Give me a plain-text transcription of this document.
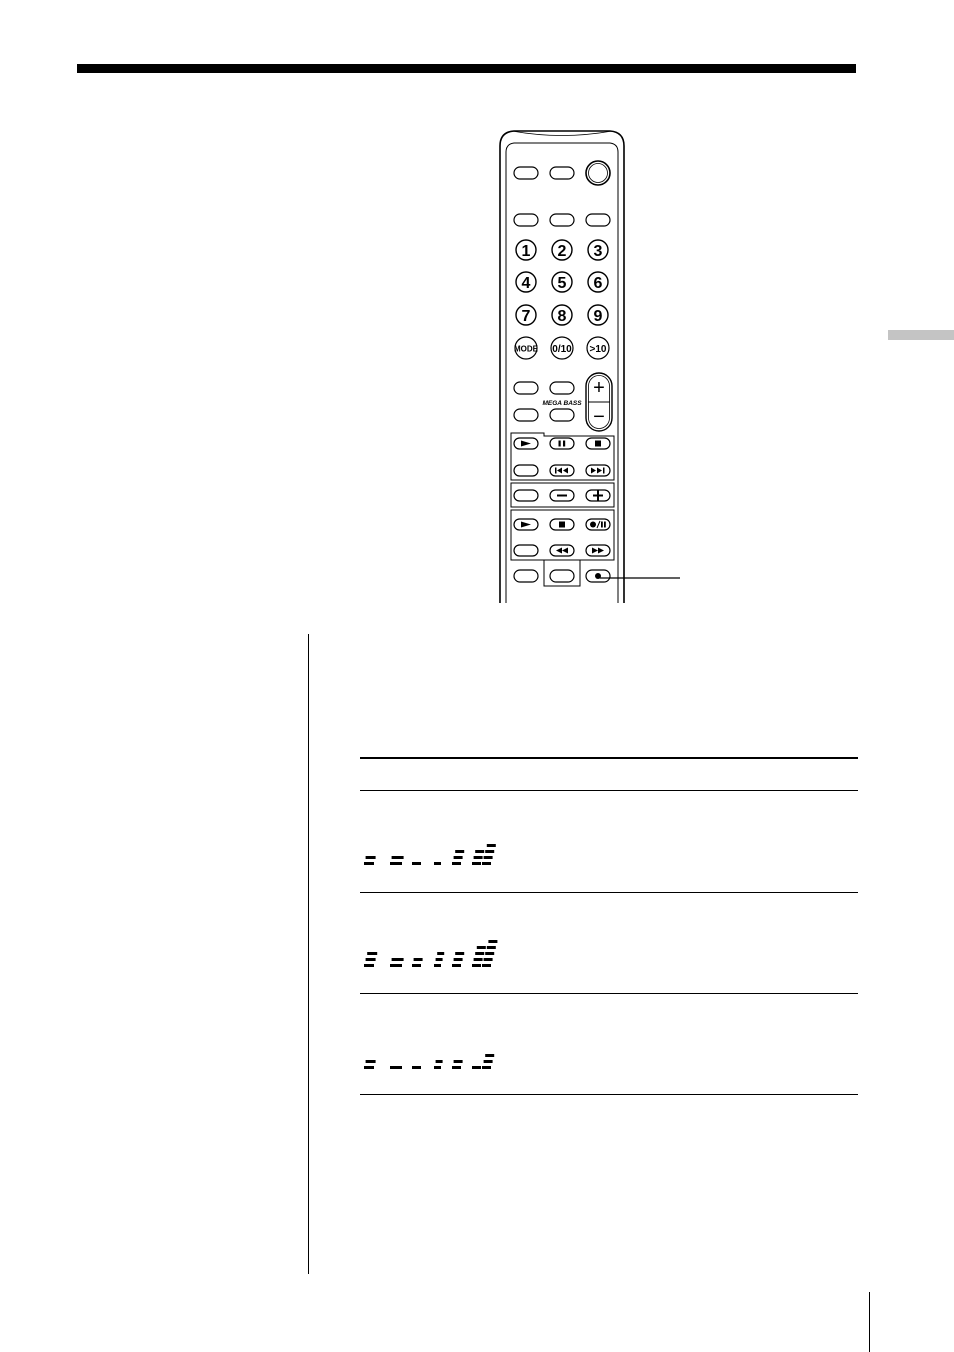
1 2 3
4 5 6
7 8 9
MODE 0/10 >10
MEGA BASS
+
−
